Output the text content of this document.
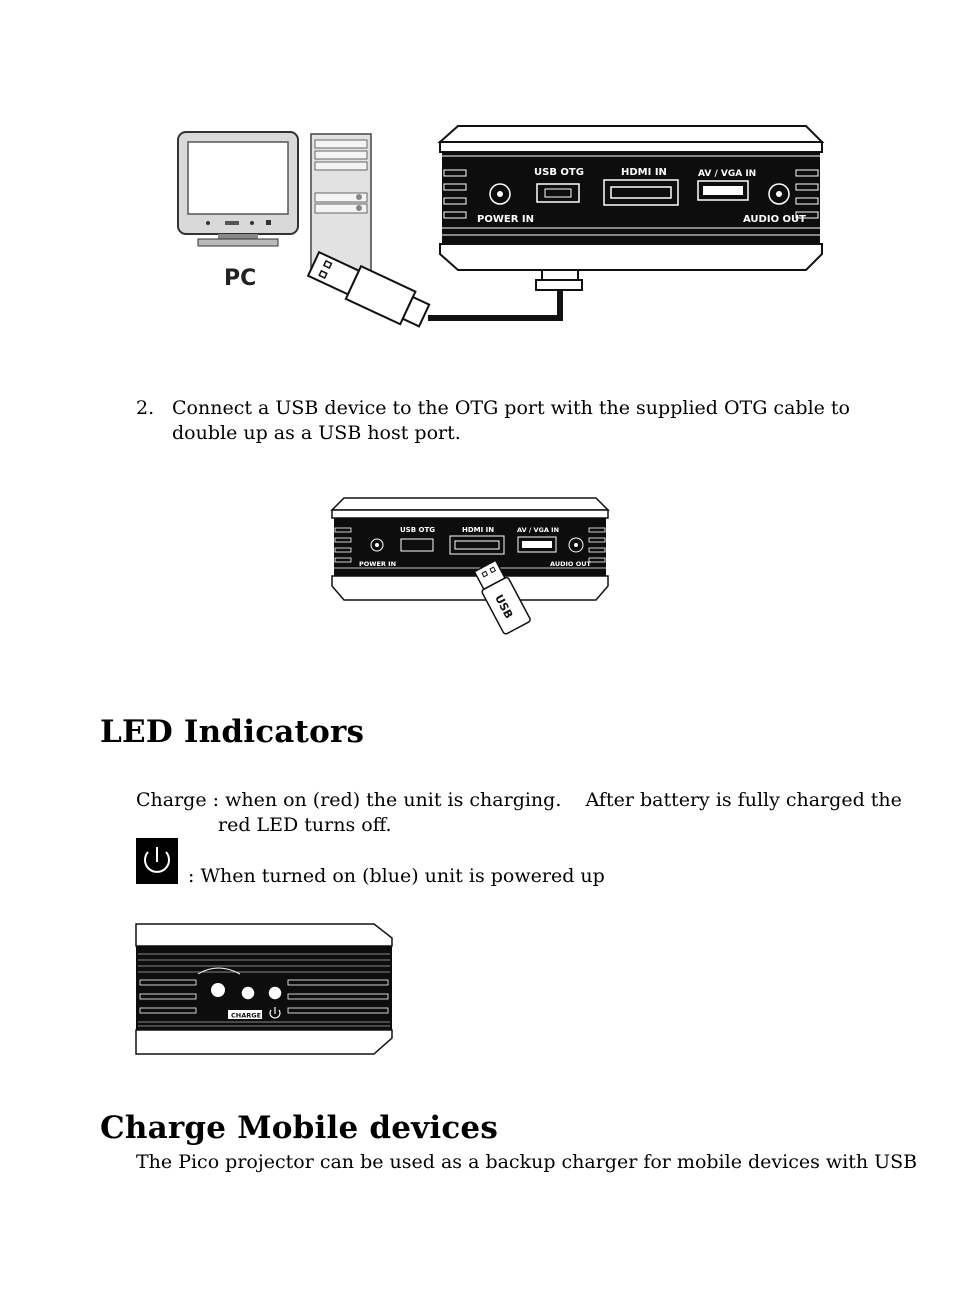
PC
USB OTG	HDMI IN	AV / VGA IN
POWER IN	AUDIO OUT
2. Connect a USB device to the OTG port with the supplied OTG cable to
double up as a USB host port.
USB OTG	HDMI IN	AV / VGA IN
POWER IN	AUDIO OUT
USB
LED Indicators
Charge : when on (red) the unit is charging.    After battery is fully charged the
red LED turns off.
: When turned on (blue) unit is powered up
CHARGE
Charge Mobile devices
The Pico projector can be used as a backup charger for mobile devices with USB
